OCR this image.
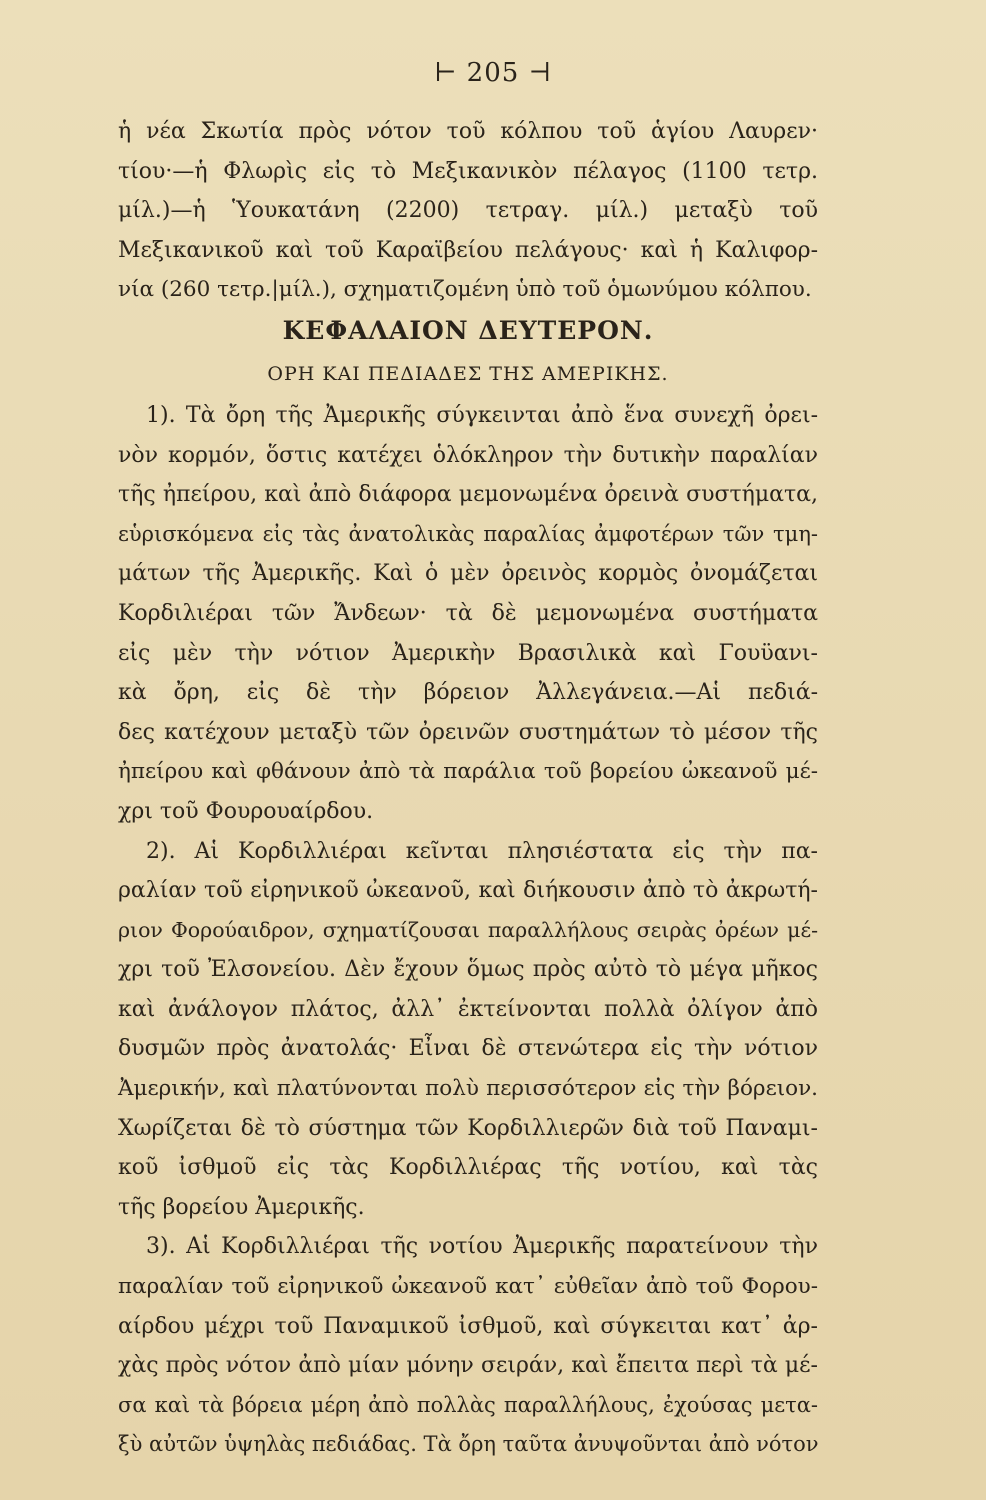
⊢ 205 ⊣
ἡ νέα Σκωτία πρὸς νότον τοῦ κόλπου τοῦ ἁγίου Λαυρεν·
τίου·—ἡ Φλωρὶς εἰς τὸ Μεξικανικὸν πέλαγος (1100 τετρ.
μίλ.)—ἡ Ὑουκατάνη (2200) τετραγ. μίλ.) μεταξὺ τοῦ
Μεξικανικοῦ καὶ τοῦ Καραϊβείου πελάγους· καὶ ἡ Καλιφορ-
νία (260 τετρ.|μίλ.), σχηματιζομένη ὑπὸ τοῦ ὁμωνύμου κόλπου.
ΚΕΦΑΛΑΙΟΝ ΔΕΥΤΕΡΟΝ.
ΟΡΗ ΚΑΙ ΠΕΔΙΑΔΕΣ ΤΗΣ ΑΜΕΡΙΚΗΣ.
1). Τὰ ὄρη τῆς Ἀμερικῆς σύγκεινται ἀπὸ ἕνα συνεχῆ ὀρει-
νὸν κορμόν, ὅστις κατέχει ὁλόκληρον τὴν δυτικὴν παραλίαν
τῆς ἠπείρου, καὶ ἀπὸ διάφορα μεμονωμένα ὀρεινὰ συστήματα,
εὑρισκόμενα εἰς τὰς ἀνατολικὰς παραλίας ἀμφοτέρων τῶν τμη-
μάτων τῆς Ἀμερικῆς. Καὶ ὁ μὲν ὀρεινὸς κορμὸς ὀνομάζεται
Κορδιλιέραι τῶν Ἄνδεων· τὰ δὲ μεμονωμένα συστήματα
εἰς μὲν τὴν νότιον Ἀμερικὴν Βρασιλικὰ καὶ Γουϋανι-
κὰ ὄρη, εἰς δὲ τὴν βόρειον Ἀλλεγάνεια.—Αἱ πεδιά-
δες κατέχουν μεταξὺ τῶν ὀρεινῶν συστημάτων τὸ μέσον τῆς
ἠπείρου καὶ φθάνουν ἀπὸ τὰ παράλια τοῦ βορείου ὠκεανοῦ μέ-
χρι τοῦ Φουρουαίρδου.
2). Αἱ Κορδιλλιέραι κεῖνται πλησιέστατα εἰς τὴν πα-
ραλίαν τοῦ εἰρηνικοῦ ὠκεανοῦ, καὶ διήκουσιν ἀπὸ τὸ ἀκρωτή-
ριον Φορούαιδρον, σχηματίζουσαι παραλλήλους σειρὰς ὀρέων μέ-
χρι τοῦ Ἐλσονείου. Δὲν ἔχουν ὅμως πρὸς αὐτὸ τὸ μέγα μῆκος
καὶ ἀνάλογον πλάτος, ἀλλ᾽ ἐκτείνονται πολλὰ ὀλίγον ἀπὸ
δυσμῶν πρὸς ἀνατολάς· Εἶναι δὲ στενώτερα εἰς τὴν νότιον
Ἀμερικήν, καὶ πλατύνονται πολὺ περισσότερον εἰς τὴν βόρειον.
Χωρίζεται δὲ τὸ σύστημα τῶν Κορδιλλιερῶν διὰ τοῦ Παναμι-
κοῦ ἰσθμοῦ εἰς τὰς Κορδιλλιέρας τῆς νοτίου, καὶ τὰς
τῆς βορείου Ἀμερικῆς.
3). Αἱ Κορδιλλιέραι τῆς νοτίου Ἀμερικῆς παρατείνουν τὴν
παραλίαν τοῦ εἰρηνικοῦ ὠκεανοῦ κατ᾽ εὐθεῖαν ἀπὸ τοῦ Φορου-
αίρδου μέχρι τοῦ Παναμικοῦ ἰσθμοῦ, καὶ σύγκειται κατ᾽ ἀρ-
χὰς πρὸς νότον ἀπὸ μίαν μόνην σειράν, καὶ ἔπειτα περὶ τὰ μέ-
σα καὶ τὰ βόρεια μέρη ἀπὸ πολλὰς παραλλήλους, ἐχούσας μετα-
ξὺ αὐτῶν ὑψηλὰς πεδιάδας. Τὰ ὄρη ταῦτα ἀνυψοῦνται ἀπὸ νότον
